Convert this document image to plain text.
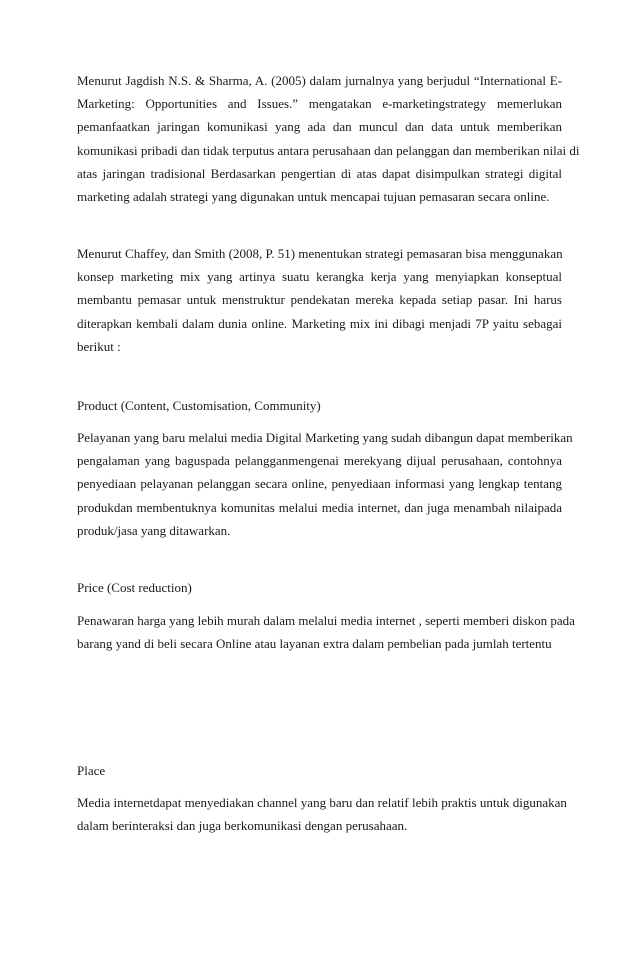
Menurut Jagdish N.S. & Sharma, A. (2005) dalam jurnalnya yang berjudul “International E-
Marketing: Opportunities and Issues.” mengatakan e-marketingstrategy memerlukan
pemanfaatkan jaringan komunikasi yang ada dan muncul dan data untuk memberikan
komunikasi pribadi dan tidak terputus antara perusahaan dan pelanggan dan memberikan nilai di
atas jaringan tradisional Berdasarkan pengertian di atas dapat disimpulkan strategi digital
marketing adalah strategi yang digunakan untuk mencapai tujuan pemasaran secara online.
Menurut Chaffey, dan Smith (2008, P. 51) menentukan strategi pemasaran bisa menggunakan
konsep marketing mix yang artinya suatu kerangka kerja yang menyiapkan konseptual
membantu pemasar untuk menstruktur pendekatan mereka kepada setiap pasar. Ini harus
diterapkan kembali dalam dunia online. Marketing mix ini dibagi menjadi 7P yaitu sebagai
berikut :
Product (Content, Customisation, Community)
Pelayanan yang baru melalui media Digital Marketing yang sudah dibangun dapat memberikan
pengalaman yang baguspada pelangganmengenai merekyang dijual perusahaan, contohnya
penyediaan pelayanan pelanggan secara online, penyediaan informasi yang lengkap tentang
produkdan membentuknya komunitas melalui media internet, dan juga menambah nilaipada
produk/jasa yang ditawarkan.
Price (Cost reduction)
Penawaran harga yang lebih murah dalam melalui media internet , seperti memberi diskon pada
barang yand di beli secara Online atau layanan extra dalam pembelian pada jumlah tertentu
Place
Media internetdapat menyediakan channel yang baru dan relatif lebih praktis untuk digunakan
dalam berinteraksi dan juga berkomunikasi dengan perusahaan.
